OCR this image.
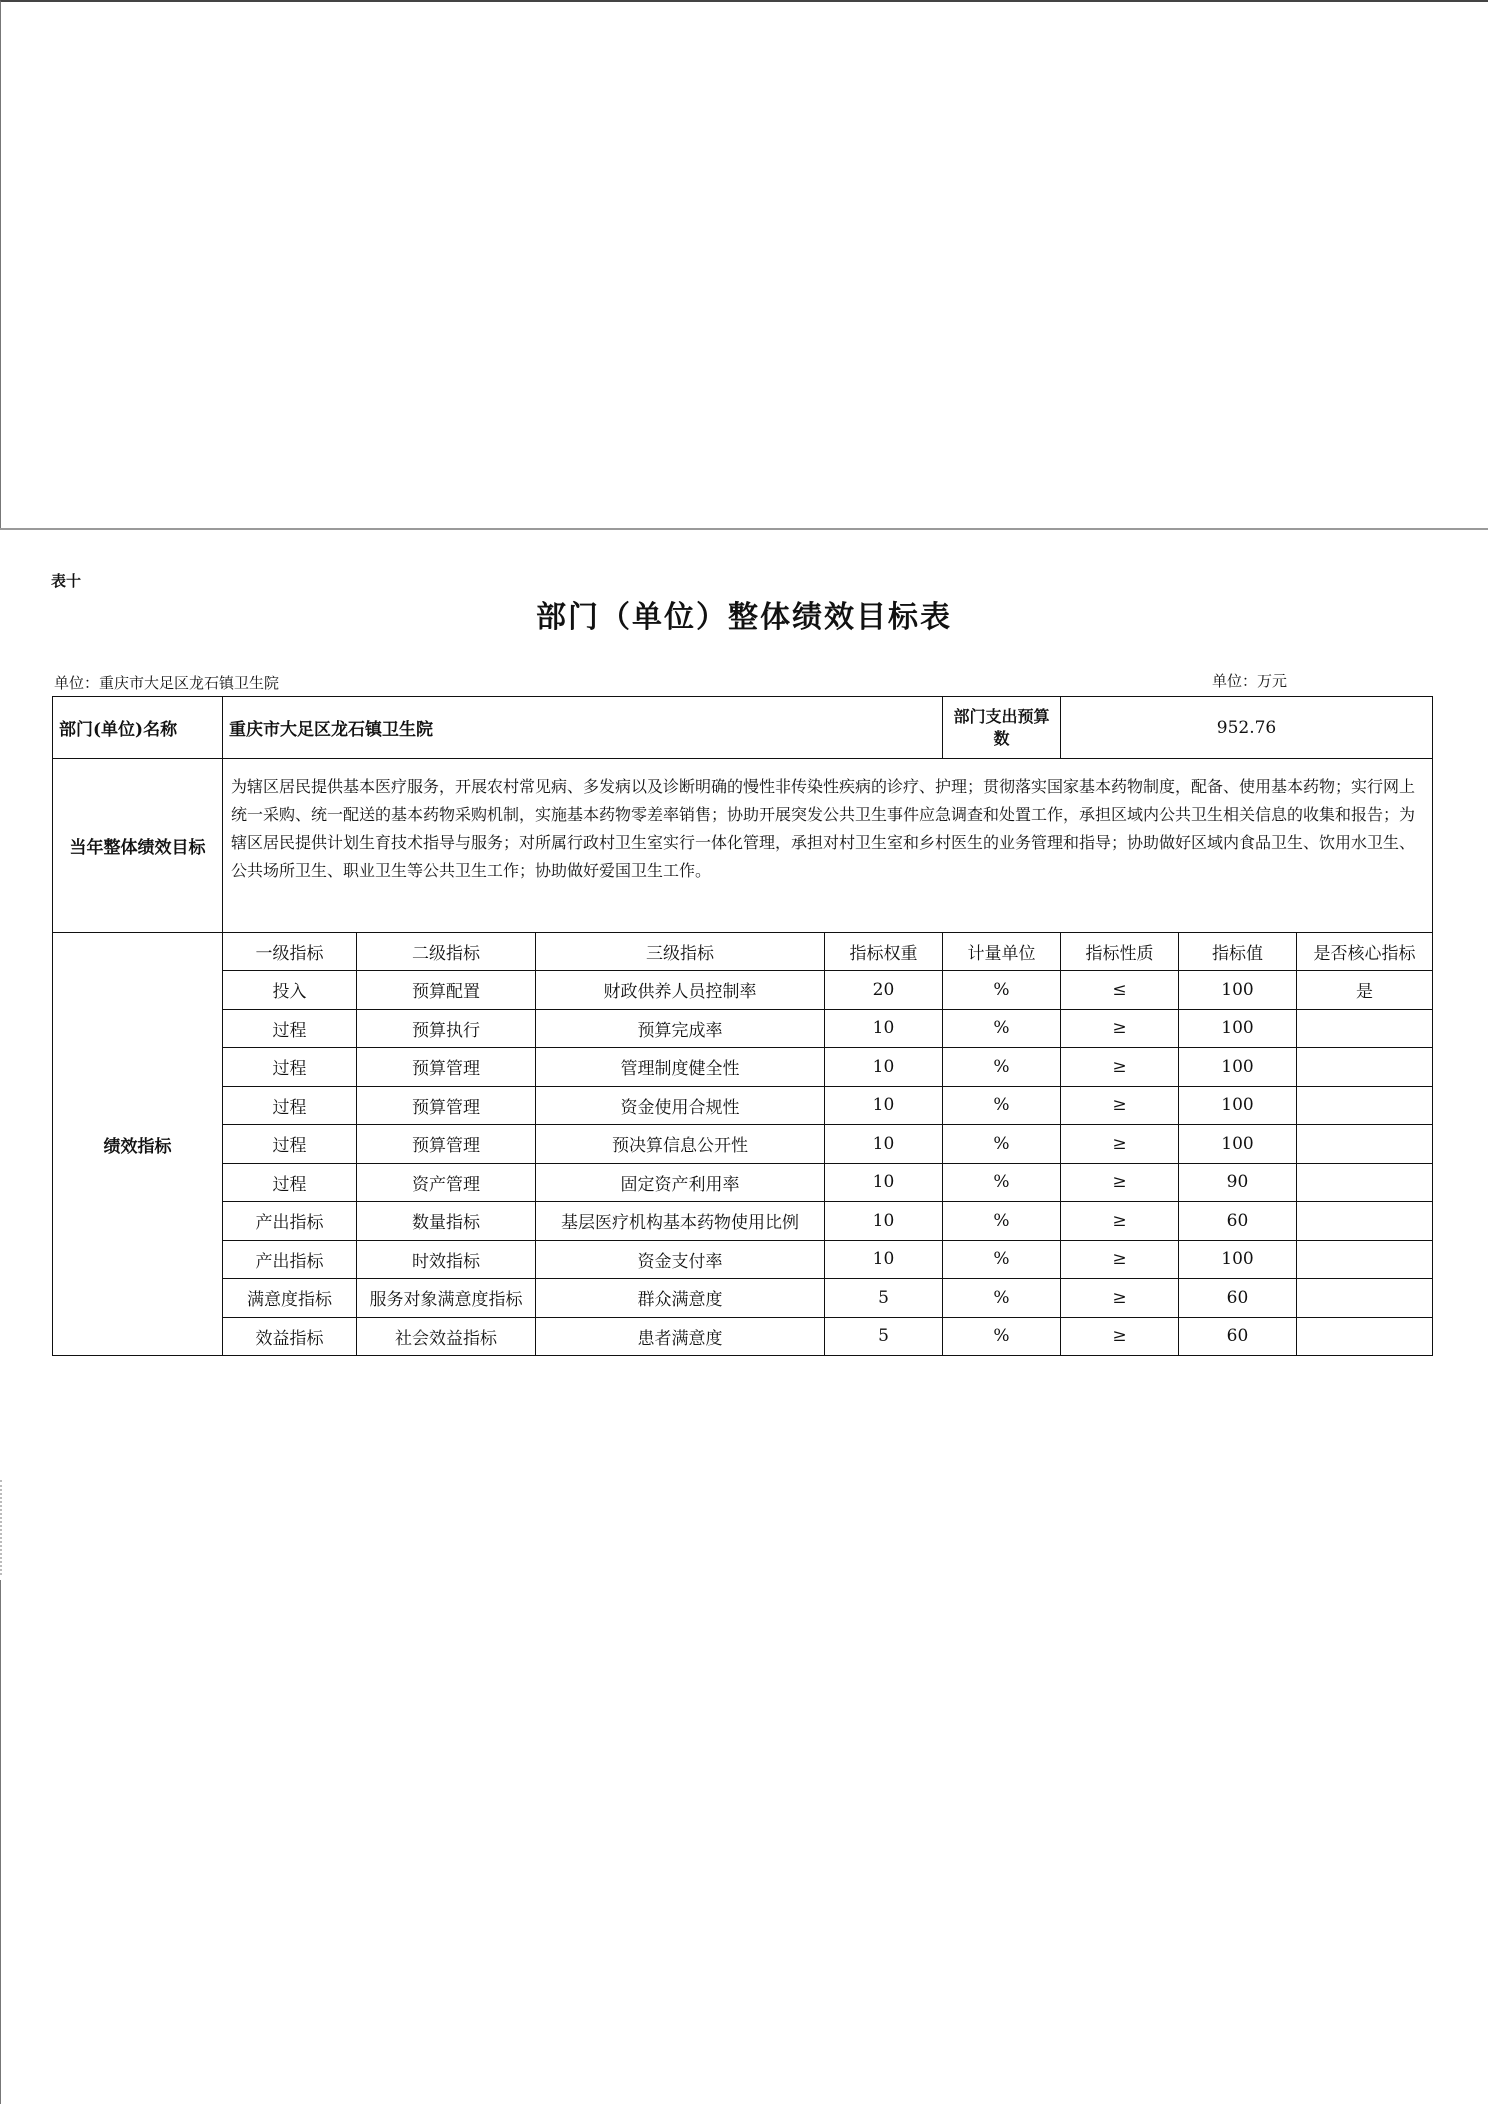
表十
部门（单位）整体绩效目标表
单位：重庆市大足区龙石镇卫生院	单位：万元
部门(单位)名称	重庆市大足区龙石镇卫生院				部门支出预算数	952.76		
当年整体绩效目标	为辖区居民提供基本医疗服务，开展农村常见病、多发病以及诊断明确的慢性非传染性疾病的诊疗、护理；贯彻落实国家基本药物制度，配备、使用基本药物；实行网上统一采购、统一配送的基本药物采购机制，实施基本药物零差率销售；协助开展突发公共卫生事件应急调查和处置工作，承担区域内公共卫生相关信息的收集和报告；为辖区居民提供计划生育技术指导与服务；对所属行政村卫生室实行一体化管理，承担对村卫生室和乡村医生的业务管理和指导；协助做好区域内食品卫生、饮用水卫生、公共场所卫生、职业卫生等公共卫生工作；协助做好爱国卫生工作。							
绩效指标	一级指标	二级指标	三级指标	指标权重	计量单位	指标性质	指标值	是否核心指标
	投入	预算配置	财政供养人员控制率	20	%	≤	100	是
	过程	预算执行	预算完成率	10	%	≥	100	
	过程	预算管理	管理制度健全性	10	%	≥	100	
	过程	预算管理	资金使用合规性	10	%	≥	100	
	过程	预算管理	预决算信息公开性	10	%	≥	100	
	过程	资产管理	固定资产利用率	10	%	≥	90	
	产出指标	数量指标	基层医疗机构基本药物使用比例	10	%	≥	60	
	产出指标	时效指标	资金支付率	10	%	≥	100	
	满意度指标	服务对象满意度指标	群众满意度	5	%	≥	60	
	效益指标	社会效益指标	患者满意度	5	%	≥	60	
